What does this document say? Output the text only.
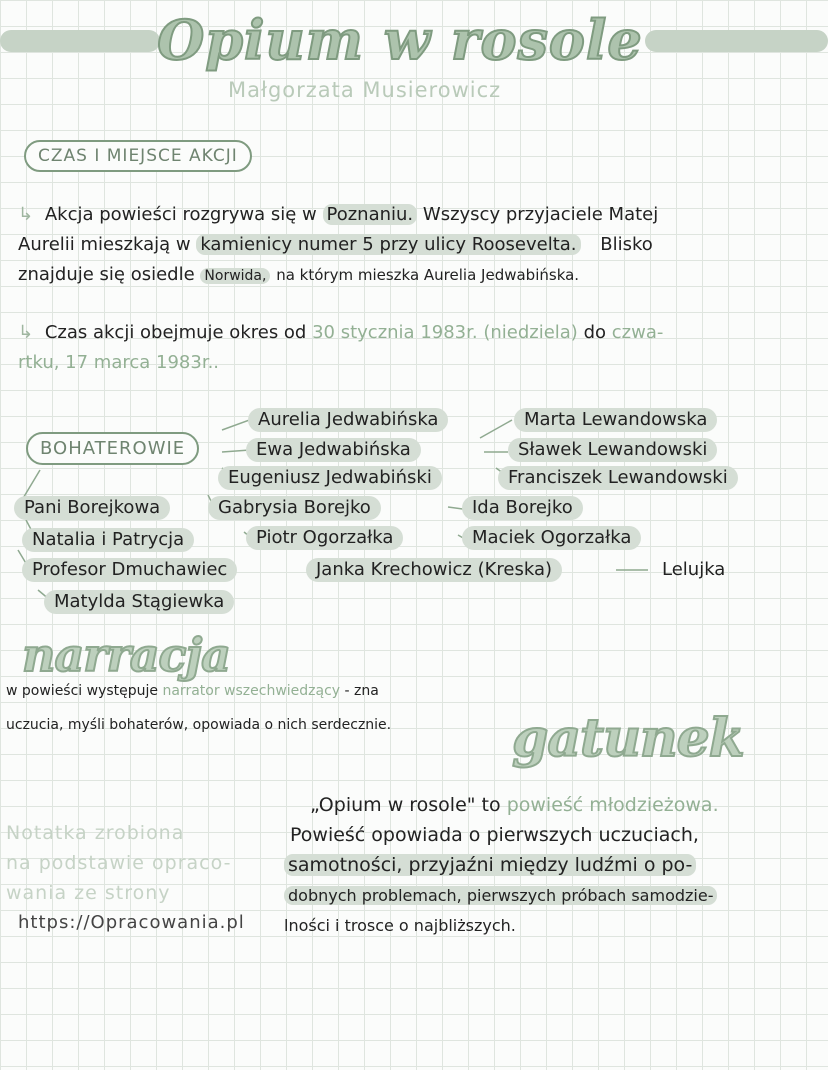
Opium w rosole
Małgorzata Musierowicz
CZAS I MIEJSCE AKCJI
↳ Akcja powieści rozgrywa się w Poznaniu. Wszyscy przyjaciele Matej
Aurelii mieszkają w kamienicy numer 5 przy ulicy Roosevelta. Blisko
znajduje się osiedle Norwida, na którym mieszka Aurelia Jedwabińska.
↳ Czas akcji obejmuje okres od 30 stycznia 1983r. (niedziela) do czwa-
rtku, 17 marca 1983r..
BOHATEROWIE
Aurelia Jedwabińska
Ewa Jedwabińska
Eugeniusz Jedwabiński
Marta Lewandowska
Sławek Lewandowski
Franciszek Lewandowski
Pani Borejkowa	Gabrysia Borejko	Ida Borejko
Natalia i Patrycja	Piotr Ogorzałka	Maciek Ogorzałka
Profesor Dmuchawiec	Janka Krechowicz (Kreska)	Lelujka
Matylda Stągiewka
narracja
w powieści występuje narrator wszechwiedzący - zna
uczucia, myśli bohaterów, opowiada o nich serdecznie.	gatunek
„Opium w rosole" to powieść młodzieżowa.
Powieść opowiada o pierwszych uczuciach,
samotności, przyjaźni między ludźmi o po-
dobnych problemach, pierwszych próbach samodzie-
lności i trosce o najbliższych.
Notatka zrobiona
na podstawie opraco-
wania ze strony
https://Opracowania.pl
